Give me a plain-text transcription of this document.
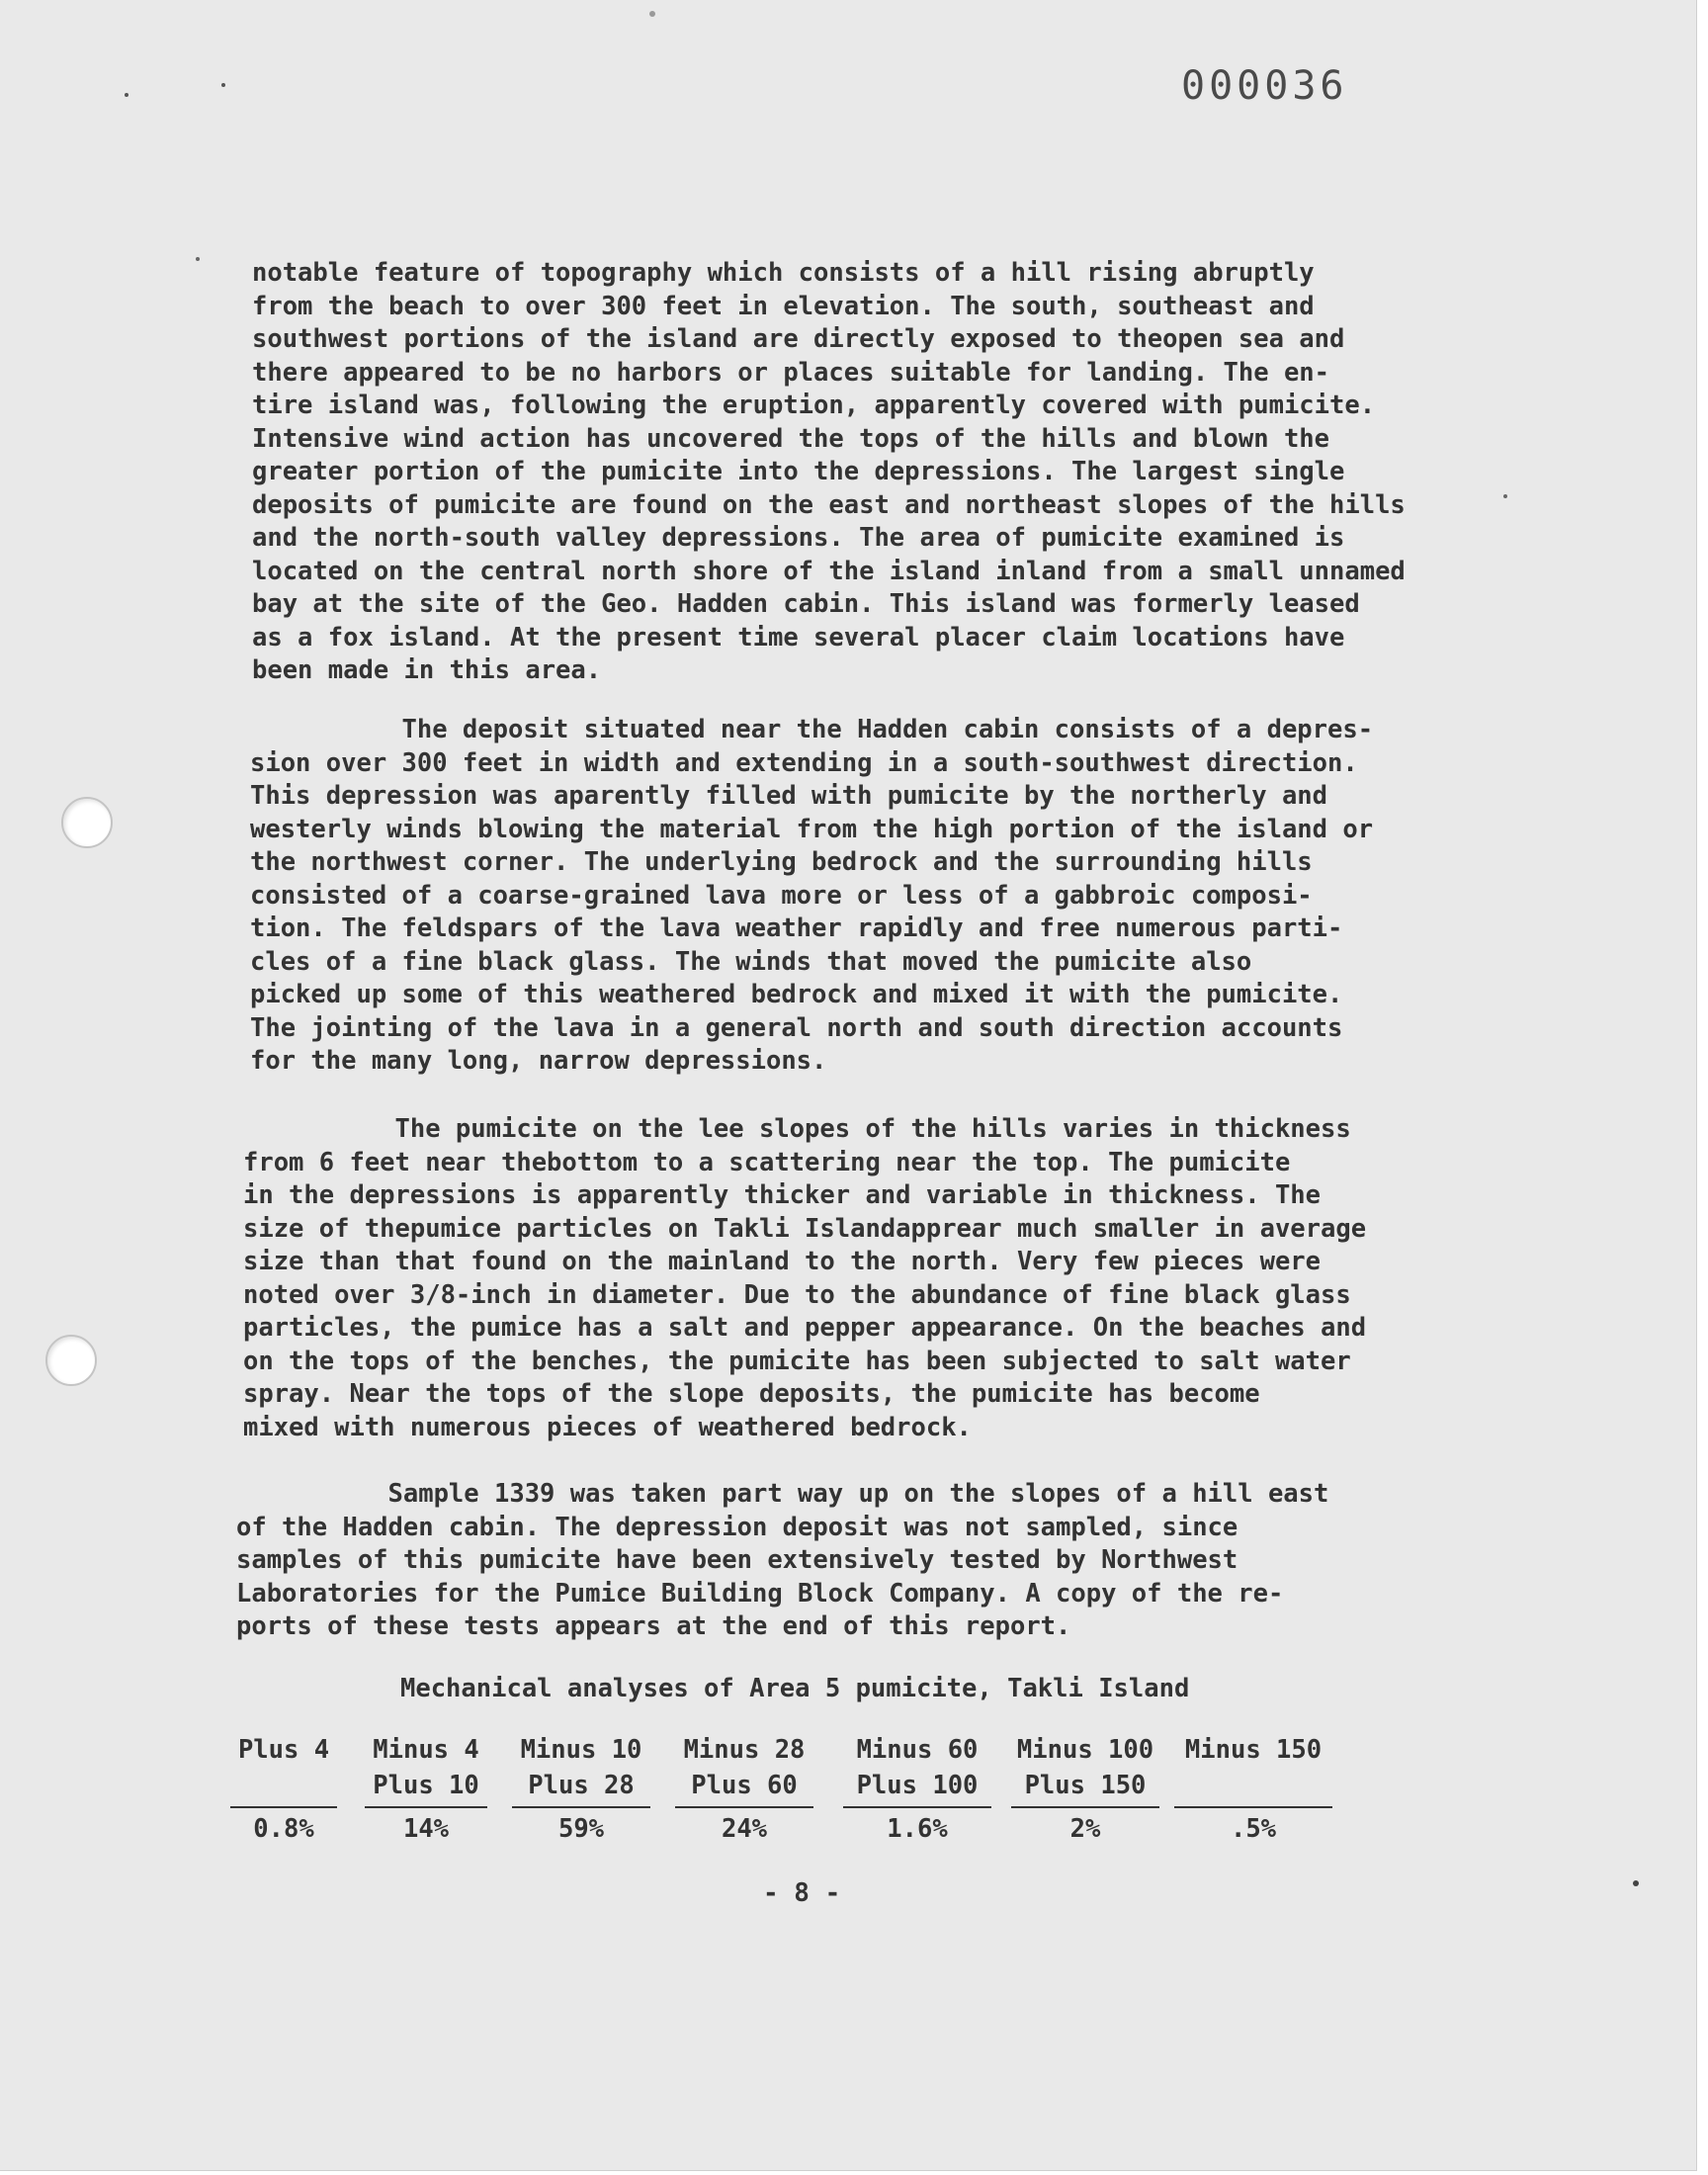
000036

notable feature of topography which consists of a hill rising abruptly
from the beach to over 300 feet in elevation. The south, southeast and
southwest portions of the island are directly exposed to theopen sea and
there appeared to be no harbors or places suitable for landing. The en-
tire island was, following the eruption, apparently covered with pumicite.
Intensive wind action has uncovered the tops of the hills and blown the
greater portion of the pumicite into the depressions. The largest single
deposits of pumicite are found on the east and northeast slopes of the hills
and the north-south valley depressions. The area of pumicite examined is
located on the central north shore of the island inland from a small unnamed
bay at the site of the Geo. Hadden cabin. This island was formerly leased
as a fox island. At the present time several placer claim locations have
been made in this area.

The deposit situated near the Hadden cabin consists of a depres-
sion over 300 feet in width and extending in a south-southwest direction.
This depression was aparently filled with pumicite by the northerly and
westerly winds blowing the material from the high portion of the island or
the northwest corner. The underlying bedrock and the surrounding hills
consisted of a coarse-grained lava more or less of a gabbroic composi-
tion. The feldspars of the lava weather rapidly and free numerous parti-
cles of a fine black glass. The winds that moved the pumicite also
picked up some of this weathered bedrock and mixed it with the pumicite.
The jointing of the lava in a general north and south direction accounts
for the many long, narrow depressions.

The pumicite on the lee slopes of the hills varies in thickness
from 6 feet near thebottom to a scattering near the top. The pumicite
in the depressions is apparently thicker and variable in thickness. The
size of thepumice particles on Takli Islandapprear much smaller in average
size than that found on the mainland to the north. Very few pieces were
noted over 3/8-inch in diameter. Due to the abundance of fine black glass
particles, the pumice has a salt and pepper appearance. On the beaches and
on the tops of the benches, the pumicite has been subjected to salt water
spray. Near the tops of the slope deposits, the pumicite has become
mixed with numerous pieces of weathered bedrock.

Sample 1339 was taken part way up on the slopes of a hill east
of the Hadden cabin. The depression deposit was not sampled, since
samples of this pumicite have been extensively tested by Northwest
Laboratories for the Pumice Building Block Company. A copy of the re-
ports of these tests appears at the end of this report.

Mechanical analyses of Area 5 pumicite, Takli Island
Plus 4
0.8%
Minus 4
Plus 10
14%
Minus 10
Plus 28
59%
Minus 28
Plus 60
24%
Minus 60
Plus 100
1.6%
Minus 100
Plus 150
2%
Minus 150
.5%
- 8 -
